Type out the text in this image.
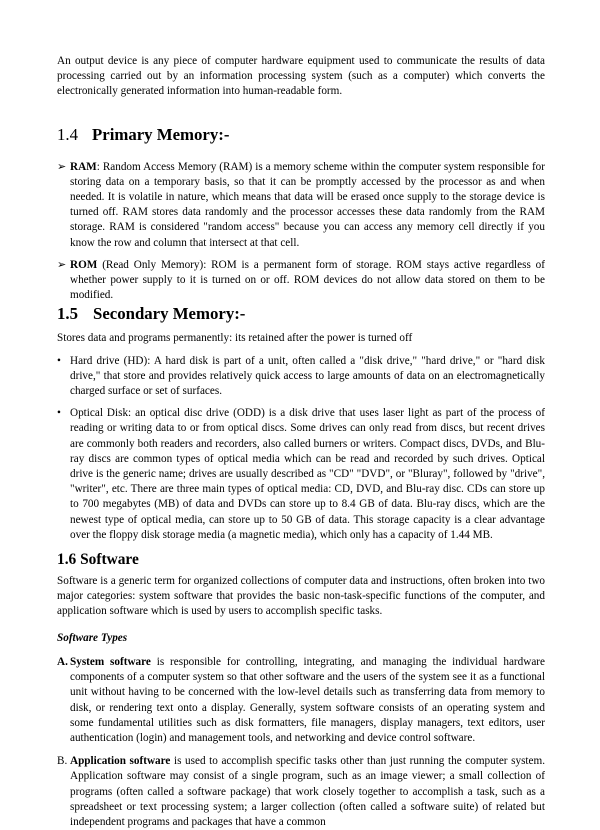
An output device is any piece of computer hardware equipment used to communicate the results of data processing carried out by an information processing system (such as a computer) which converts the electronically generated information into human-readable form.

1.4 Primary Memory:-
➢ RAM: Random Access Memory (RAM) is a memory scheme within the computer system responsible for storing data on a temporary basis, so that it can be promptly accessed by the processor as and when needed. It is volatile in nature, which means that data will be erased once supply to the storage device is turned off. RAM stores data randomly and the processor accesses these data randomly from the RAM storage. RAM is considered "random access" because you can access any memory cell directly if you know the row and column that intersect at that cell.
➢ ROM (Read Only Memory): ROM is a permanent form of storage. ROM stays active regardless of whether power supply to it is turned on or off. ROM devices do not allow data stored on them to be modified.
1.5 Secondary Memory:-

Stores data and programs permanently: its retained after the power is turned off

• Hard drive (HD): A hard disk is part of a unit, often called a "disk drive," "hard drive," or "hard disk drive," that store and provides relatively quick access to large amounts of data on an electromagnetically charged surface or set of surfaces.
• Optical Disk: an optical disc drive (ODD) is a disk drive that uses laser light as part of the process of reading or writing data to or from optical discs. Some drives can only read from discs, but recent drives are commonly both readers and recorders, also called burners or writers. Compact discs, DVDs, and Blu-ray discs are common types of optical media which can be read and recorded by such drives. Optical drive is the generic name; drives are usually described as "CD" "DVD", or "Bluray", followed by "drive", "writer", etc. There are three main types of optical media: CD, DVD, and Blu-ray disc. CDs can store up to 700 megabytes (MB) of data and DVDs can store up to 8.4 GB of data. Blu-ray discs, which are the newest type of optical media, can store up to 50 GB of data. This storage capacity is a clear advantage over the floppy disk storage media (a magnetic media), which only has a capacity of 1.44 MB.
1.6 Software

Software is a generic term for organized collections of computer data and instructions, often broken into two major categories: system software that provides the basic non-task-specific functions of the computer, and application software which is used by users to accomplish specific tasks.

Software Types

A. System software is responsible for controlling, integrating, and managing the individual hardware components of a computer system so that other software and the users of the system see it as a functional unit without having to be concerned with the low-level details such as transferring data from memory to disk, or rendering text onto a display. Generally, system software consists of an operating system and some fundamental utilities such as disk formatters, file managers, display managers, text editors, user authentication (login) and management tools, and networking and device control software.
B. Application software is used to accomplish specific tasks other than just running the computer system. Application software may consist of a single program, such as an image viewer; a small collection of programs (often called a software package) that work closely together to accomplish a task, such as a spreadsheet or text processing system; a larger collection (often called a software suite) of related but independent programs and packages that have a common
